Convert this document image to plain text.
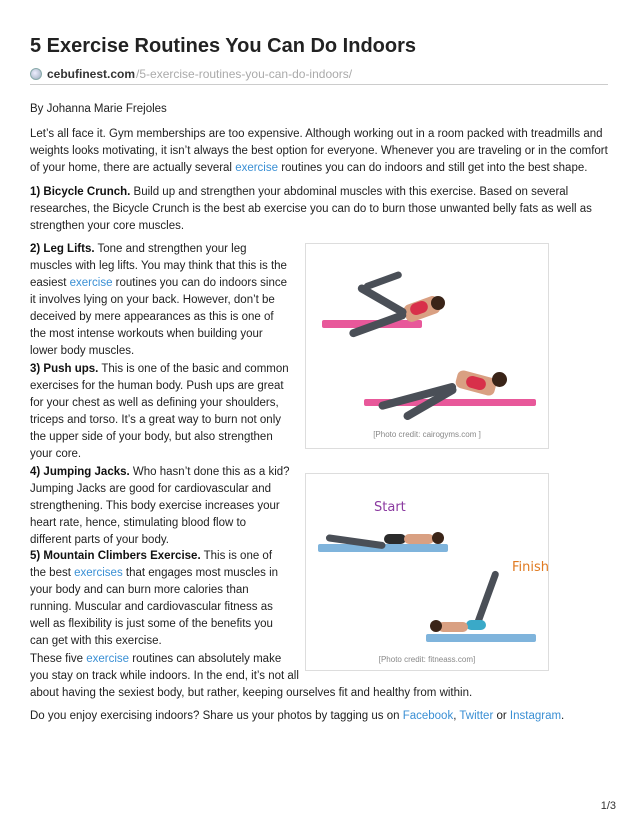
5 Exercise Routines You Can Do Indoors
cebufinest.com /5-exercise-routines-you-can-do-indoors/

By Johanna Marie Frejoles

Let’s all face it. Gym memberships are too expensive. Although working out in a room packed with treadmills and weights looks motivating, it isn’t always the best option for everyone. Whenever you are traveling or in the comfort of your home, there are actually several exercise routines you can do indoors and still get into the best shape.

1) Bicycle Crunch. Build up and strengthen your abdominal muscles with this exercise. Based on several researches, the Bicycle Crunch is the best ab exercise you can do to burn those unwanted belly fats as well as strengthen your core muscles.

2) Leg Lifts. Tone and strengthen your leg muscles with leg lifts. You may think that this is the easiest exercise routines you can do indoors since it involves lying on your back. However, don’t be deceived by mere appearances as this is one of the most intense workouts when building your lower body muscles.

3) Push ups. This is one of the basic and common exercises for the human body. Push ups are great for your chest as well as defining your shoulders, triceps and torso. It’s a great way to burn not only the upper side of your body, but also strengthen your core.

4) Jumping Jacks. Who hasn’t done this as a kid? Jumping Jacks are good for cardiovascular and strengthening. This body exercise increases your heart rate, hence, stimulating blood flow to different parts of your body.

5) Mountain Climbers Exercise. This is one of the best exercises that engages most muscles in your body and can burn more calories than running. Muscular and cardiovascular fitness as well as flexibility is just some of the benefits you can get with this exercise.

These five exercise routines can absolutely make
you stay on track while indoors. In the end, it’s not all
about having the sexiest body, but rather, keeping ourselves fit and healthy from within.

Do you enjoy exercising indoors? Share us your photos by tagging us on Facebook, Twitter or Instagram.

[Photo credit: cairogyms.com ]
Start
Finish
[Photo credit: fitneass.com]
1/3
